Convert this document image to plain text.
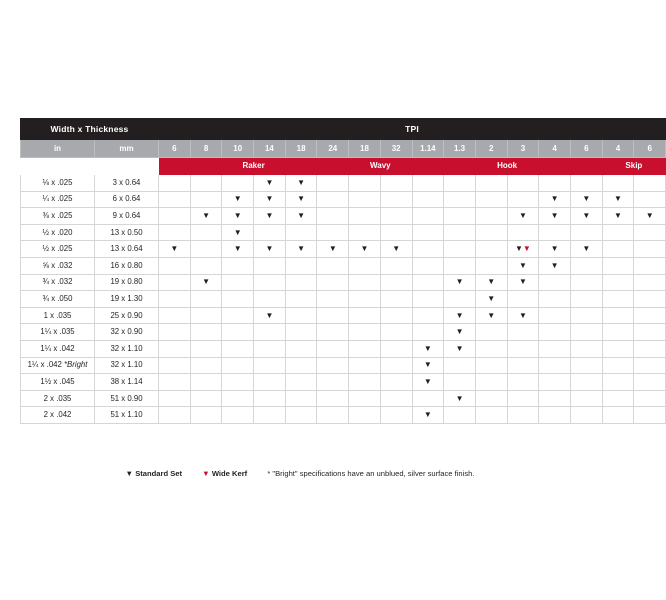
Width x Thickness		TPI															
in	mm	6	8	10	14	18	24	18	32	1.14	1.3	2	3	4	6	4	6
		Raker						Wavy		Hook						Skip	
⅛ x .025	3 x 0.64				▼	▼											
¼ x .025	6 x 0.64			▼	▼	▼								▼	▼	▼	
⅜ x .025	9 x 0.64		▼	▼	▼	▼							▼	▼	▼	▼	▼
½ x .020	13 x 0.50			▼													
½ x .025	13 x 0.64	▼		▼	▼	▼	▼	▼	▼				▼▼	▼	▼		
⅝ x .032	16 x 0.80												▼	▼			
¾ x .032	19 x 0.80		▼								▼	▼	▼				
¾ x .050	19 x 1.30											▼					
1 x .035	25 x 0.90				▼						▼	▼	▼				
1¼ x .035	32 x 0.90										▼						
1¼ x .042	32 x 1.10									▼	▼						
1¼ x .042 *Bright	32 x 1.10									▼							
1½ x .045	38 x 1.14									▼							
2 x .035	51 x 0.90										▼						
2 x .042	51 x 1.10									▼							
▼ Standard Set	▼ Wide Kerf	* "Bright" specifications have an unblued, silver surface finish.
